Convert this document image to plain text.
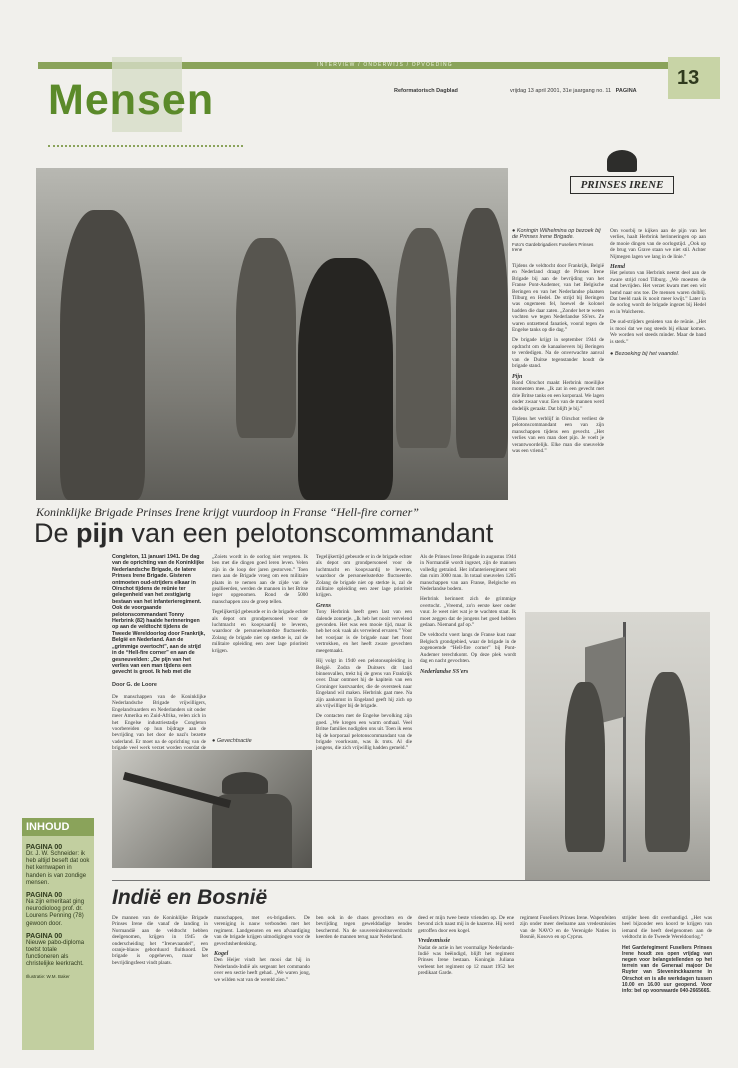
INTERVIEW / ONDERWIJS / OPVOEDING
Mensen	Reformatorisch Dagblad	vrijdag 13 april 2001, 31e jaargang no. 11 PAGINA
13
PRINSES IRENE
● Koningin Wilhelmina op bezoek bij de Prinses Irene Brigade.
Foto's Gardebrigadiers Fuseliers Prinses Irene

Tijdens de veldtocht door Frankrijk, België en Nederland draagt de Prinses Irene Brigade bij aan de bevrijding van het Franse Pont-Audemer, van het Belgische Beringen en van het Nederlandse plaatsen Tilburg en Hedel. De strijd bij Beringen was ongemeen fel, hoewel de kolonel hadden die daar zaten. „Zonder het te weten vochten we tegen Nederlandse SS'ers. Ze waren ontzettend fanatiek, vooral tegen de Engelse tanks op die dag.”

De brigade krijgt in september 1944 de opdracht om de kanaaloevers bij Beringen te verdedigen. Na de onverwachte aanval van de Duitse tegenstander houdt de brigade stand.

Pijn

Rond Oirschot maakt Herbrink moeilijke momenten mee. „Ik zat in een gevecht met drie Britse tanks en een korporaal. We lagen onder zwaar vuur. Een van de mannen werd dodelijk geraakt. Dat blijft je bij.”

Tijdens het verblijf in Oirschot verliest de pelotonscommandant een van zijn manschappen tijdens een gevecht. „Het verlies van een man doet pijn. Je voelt je verantwoordelijk. Elke man die sneuvelde was een vriend.”

Om voorbij te kijken aan de pijn van het verlies, haalt Herbrink herinneringen op aan de mooie dingen van de oorlogstijd. „Ook op de brug van Grave staan we niet stil. Achter Nijmegen lagen we lang in de linie.”

Hemd

Het peloton van Herbrink neemt deel aan de zware strijd rond Tilburg. „We moesten de stad bevrijden. Het verzet kwam met een wit hemd naar ons toe. De mensen waren dolblij. Dat beeld raak ik nooit meer kwijt.” Later in de oorlog wordt de brigade ingezet bij Hedel en in Walcheren.

De oud-strijders genieten van de reünie. „Het is mooi dat we nog steeds bij elkaar komen. We worden wel steeds minder. Maar de band is sterk.”

● Bezoeking bij het vaandel.
Koninklijke Brigade Prinses Irene krijgt vuurdoop in Franse “Hell-fire corner”
De pijn van een pelotonscommandant
Congleton, 11 januari 1941. De dag van de oprichting van de Koninklijke Nederlandsche Brigade, de latere Prinses Irene Brigade. Gisteren ontmoeten oud-strijders elkaar in Oirschot tijdens de reünie ter gelegenheid van het zestigjarig bestaan van het infanterieregiment. Ook de voorgaande pelotonscommandant Tonny Herbrink (82) haalde herinneringen op aan de veldtocht tijdens de Tweede Wereldoorlog door Frankrijk, België en Nederland. Aan de „grimmige overtocht”, aan de strijd in de “Hell-fire corner” en aan de gesneuvelden: „De pijn van het verlies van een man tijdens een gevecht is groot. Ik heb met die
Door G. de Loore
De manschappen van de Koninklijke Nederlandsche Brigade vrijwilligers, Engelandvaarders en Nederlanders uit onder meer Amerika en Zuid-Afrika, velen zich in het Engelse industriestadje Congleton voorbereiden op hun bijdrage aan de bevrijding van het door de nazi's bezette vaderland. Er moet na de oprichting van de brigade veel werk verzet worden voordat de

„Zoiets wordt in de oorlog niet vergeten. Ik ben met die dingen goed leren leven. Velen zijn in de loop der jaren gestorven.” Toen men aan de Brigade vroeg om een militaire plaats in te nemen aan de zijde van de geallieerden, werden de mannen in het Britse leger opgenomen. Rond de 5000 manschappen zou de groep tellen.

Tegelijkertijd gebeurde er in de brigade echter als depot om grondpersoneel voor de luchtmacht en koopvaardij te leveren, waardoor de personeelssterkte fluctueerde. Zolang de brigade niet op sterkte is, zal de militaire opleiding een zeer lage prioriteit krijgen.

● Gevechtsactie

Tegelijkertijd gebeurde er in de brigade echter als depot om grondpersoneel voor de luchtmacht en koopvaardij te leveren, waardoor de personeelssterkte fluctueerde. Zolang de brigade niet op sterkte is, zal de militaire opleiding een zeer lage prioriteit krijgen.

Grens

Tony Herbrink heeft geen last van een dalende zonnetje. „Ik heb het nooit vervelend gevonden. Het was een mooie tijd, maar ik heb het ook vaak als vervelend ervaren.” Voor het voorjaar is de brigade naar het front vertrokken, en het heeft zware gevechten meegemaakt.

Hij volgt in 1940 een pelotonsopleiding in België. Zodra de Duitsers dit land binnenvallen, trekt hij de grens van Frankrijk over. Daar ontmoet hij de kapitein van een Groninger kustvaarder, die de oversteek naar Engeland wil maken. Herbrink gaat mee. Na zijn aankomst in Engeland geeft hij zich op als vrijwilliger bij de brigade.

De contacten met de Engelse bevolking zijn goed. „We kregen een warm onthaal. Veel Britse families nodigden ons uit. Toen ik eens bij de korporaal pelotonscommandant van de brigade voorkwam, was ik trots. Al die jongens, die zich vrijwillig hadden gemeld.”

Als de Prinses Irene Brigade in augustus 1944 in Normandië wordt ingezet, zijn de mannen volledig getraind. Het infanterieregiment telt dan ruim 3000 man. In totaal sneuvelen 1205 manschappen van aan Franse, Belgische en Nederlandse bodem.

Herbrink herinnert zich de grimmige overtocht. „Vreemd, zo'n eerste keer onder vuur. Je weet niet wat je te wachten staat. Ik moet zeggen dat de jongens het goed hebben gedaan. Niemand gaf op.”

De veldtocht voert langs de Franse kust naar Belgisch grondgebied, waar de brigade in de zogenoemde “Hell-fire corner” bij Pont-Audemer terechtkomt. Op deze plek wordt dag en nacht gevochten.

Nederlandse SS'ers
INHOUD
PAGINA 00
Dr. J. W. Schneider: ik heb altijd beseft dat ook het kernwapen in handen is van zondige mensen.
PAGINA 00
Na zijn emeritaat ging neurodioloog prof. dr. Lourens Penning (78) gewoon door.
PAGINA 00
Nieuwe pabo-diploma toetst totale functioneren als christelijke leerkracht.
Illustratie: W.M. Baker
Indië en Bosnië
De mannen van de Koninklijke Brigade Prinses Irene die vanaf de landing in Normandië aan de veldtocht hebben deelgenomen, krijgen in 1945 de onderscheiding het “Irenevaandel”, een oranje-blauw geborduurd fluitkoord. De brigade is opgeheven, maar het bevrijdingsfeest vindt plaats.

manschappen, met ex-brigadiers. De vereniging is nauw verbonden met het regiment. Landgenoten en een afvaardiging van de brigade krijgen uitnodigingen voor de gevechtsherdenking.

Kogel

Den Heijer vindt het mooi dat hij in Nederlands-Indië als sergeant het commando over een sectie heeft gehad. „We waren jong, we wilden wat van de wereld zien.”

ben ook in de chaos gevochten en de bevrijding tegen gewelddadige bendes beschermd. Na de souvereiniteitsoverdracht keerden de mannen terug naar Nederland.

deed er mijn twee beste vrienden op. De ene bevond zich naast mij in de kazerne. Hij werd getroffen door een kogel.

Vredesmissie

Nadat de actie in het voormalige Nederlands-Indië was beëindigd, blijft het regiment Prinses Irene bestaan. Koningin Juliana verleent het regiment op 12 maart 1952 het predikaat Garde.

regiment Fuseliers Prinses Irene. Wapenfeiten zijn onder meer deelname aan vredesmissies van de NAVO en de Verenigde Naties in Bosnië, Kosovo en op Cyprus.

strijder heen dit overhandigd. „Het was heel bijzonder een koord te krijgen van iemand die heeft deelgenomen aan de veldtocht in de Tweede Wereldoorlog.”

Het Gardeŕegiment Fuseliers Prinses Irene houdt zes open vrijdag van negen voor belangstellenden op het terrein van de Generaal majoor De Ruyter van Steveninckkazerne in Oirschot en is alle werkdagen tussen 10.00 en 16.00 uur geopend. Voor info: bel op voorwaarde 040-2665665.
